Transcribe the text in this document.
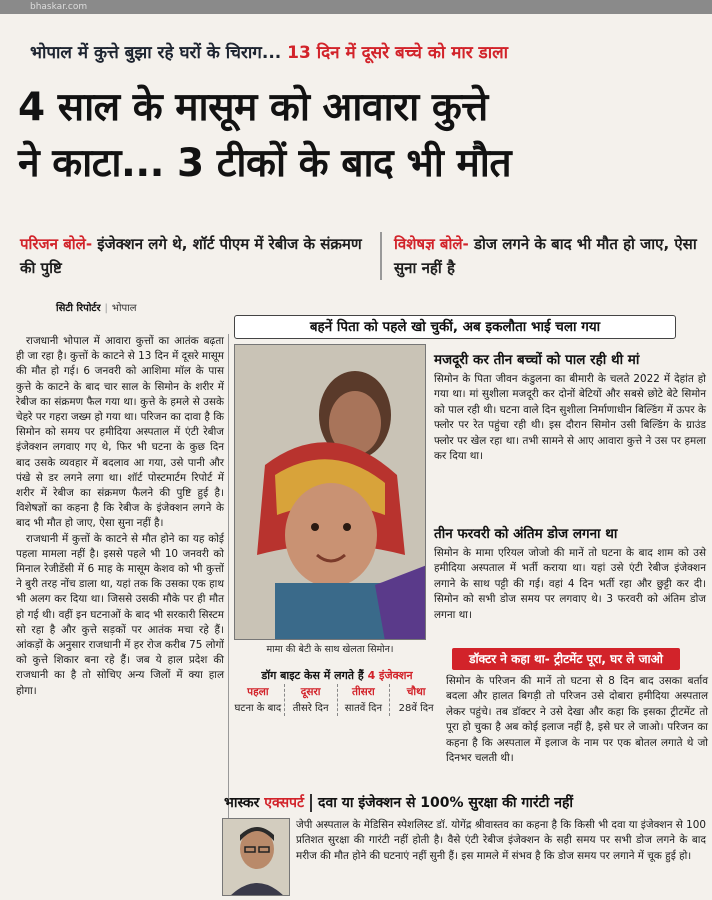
bhaskar.com
भोपाल में कुत्ते बुझा रहे घरों के चिराग... 13 दिन में दूसरे बच्चे को मार डाला
4 साल के मासूम को आवारा कुत्ते
ने काटा... 3 टीकों के बाद भी मौत
परिजन बोले- इंजेक्शन लगे थे, शॉर्ट पीएम में रेबीज के संक्रमण की पुष्टि
विशेषज्ञ बोले- डोज लगने के बाद भी मौत हो जाए, ऐसा सुना नहीं है
सिटी रिपोर्टर | भोपाल

राजधानी भोपाल में आवारा कुत्तों का आतंक बढ़ता ही जा रहा है। कुत्तों के काटने से 13 दिन में दूसरे मासूम की मौत हो गई। 6 जनवरी को आशिमा मॉल के पास कुत्ते के काटने के बाद चार साल के सिमोन के शरीर में रेबीज का संक्रमण फैल गया था। कुत्ते के हमले से उसके चेहरे पर गहरा जख्म हो गया था। परिजन का दावा है कि सिमोन को समय पर हमीदिया अस्पताल में एंटी रेबीज इंजेक्शन लगवाए गए थे, फिर भी घटना के कुछ दिन बाद उसके व्यवहार में बदलाव आ गया, उसे पानी और पंखे से डर लगने लगा था। शॉर्ट पोस्टमार्टम रिपोर्ट में शरीर में रेबीज का संक्रमण फैलने की पुष्टि हुई है। विशेषज्ञों का कहना है कि रेबीज के इंजेक्शन लगने के बाद भी मौत हो जाए, ऐसा सुना नहीं है।

राजधानी में कुत्तों के काटने से मौत होने का यह कोई पहला मामला नहीं है। इससे पहले भी 10 जनवरी को मिनाल रेजीडेंसी में 6 माह के मासूम केशव को भी कुत्तों ने बुरी तरह नोंच डाला था, यहां तक कि उसका एक हाथ भी अलग कर दिया था। जिससे उसकी मौके पर ही मौत हो गई थी। वहीं इन घटनाओं के बाद भी सरकारी सिस्टम सो रहा है और कुत्ते सड़कों पर आतंक मचा रहे हैं। आंकड़ों के अनुसार राजधानी में हर रोज करीब 75 लोगों को कुत्ते शिकार बना रहे हैं। जब ये हाल प्रदेश की राजधानी का है तो सोचिए अन्य जिलों में क्या हाल होगा।

बहनें पिता को पहले खो चुकीं, अब इकलौता भाई चला गया
मामा की बेटी के साथ खेलता सिमोन।
मजदूरी कर तीन बच्चों को पाल रही थी मां
सिमोन के पिता जीवन कंडुलना का बीमारी के चलते 2022 में देहांत हो गया था। मां सुशीला मजदूरी कर दोनों बेटियों और सबसे छोटे बेटे सिमोन को पाल रही थी। घटना वाले दिन सुशीला निर्माणाधीन बिल्डिंग में ऊपर के फ्लोर पर रेत पहुंचा रही थी। इस दौरान सिमोन उसी बिल्डिंग के ग्राउंड फ्लोर पर खेल रहा था। तभी सामने से आए आवारा कुत्ते ने उस पर हमला कर दिया था।
तीन फरवरी को अंतिम डोज लगना था
सिमोन के मामा एरियल जोजो की मानें तो घटना के बाद शाम को उसे हमीदिया अस्पताल में भर्ती कराया था। यहां उसे एंटी रेबीज इंजेक्शन लगाने के साथ पट्टी की गई। वहां 4 दिन भर्ती रहा और छुट्टी कर दी। सिमोन को सभी डोज समय पर लगवाए थे। 3 फरवरी को अंतिम डोज लगना था।
डॉक्टर ने कहा था- ट्रीटमेंट पूरा, घर ले जाओ
सिमोन के परिजन की मानें तो घटना से 8 दिन बाद उसका बर्ताव बदला और हालत बिगड़ी तो परिजन उसे दोबारा हमीदिया अस्पताल लेकर पहुंचे। तब डॉक्टर ने उसे देखा और कहा कि इसका ट्रीटमेंट तो पूरा हो चुका है अब कोई इलाज नहीं है, इसे घर ले जाओ। परिजन का कहना है कि अस्पताल में इलाज के नाम पर एक बोतल लगाते थे जो दिनभर चलती थी।
डॉग बाइट केस में लगते हैं 4 इंजेक्शन
पहला
घटना के बाद
दूसरा
तीसरे दिन
तीसरा
सातवें दिन
चौथा
28वें दिन
भास्कर एक्सपर्ट दवा या इंजेक्शन से 100% सुरक्षा की गारंटी नहीं
जेपी अस्पताल के मेडिसिन स्पेशलिस्ट डॉ. योगेंद्र श्रीवास्तव का कहना है कि किसी भी दवा या इंजेक्शन से 100 प्रतिशत सुरक्षा की गारंटी नहीं होती है। वैसे एंटी रेबीज इंजेक्शन के सही समय पर सभी डोज लगने के बाद मरीज की मौत होने की घटनाएं नहीं सुनी हैं। इस मामले में संभव है कि डोज समय पर लगाने में चूक हुई हो।
